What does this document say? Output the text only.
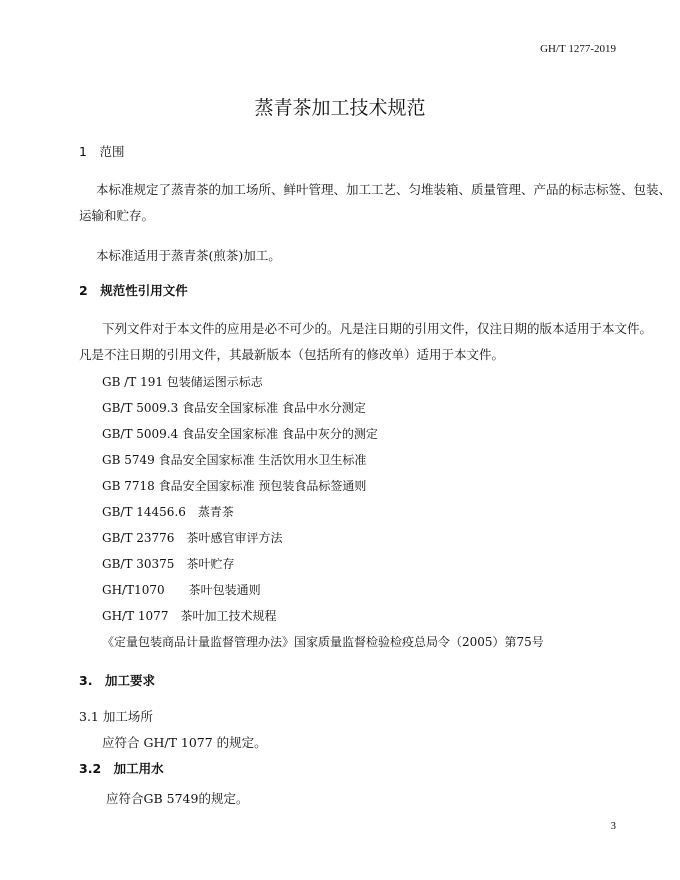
GH/T 1277-2019
蒸青茶加工技术规范
1　范围
本标准规定了蒸青茶的加工场所、鲜叶管理、加工工艺、匀堆装箱、质量管理、产品的标志标签、包装、
运输和贮存。
本标准适用于蒸青茶(煎茶)加工。
2　规范性引用文件
下列文件对于本文件的应用是必不可少的。凡是注日期的引用文件，仅注日期的版本适用于本文件。
凡是不注日期的引用文件，其最新版本（包括所有的修改单）适用于本文件。
GB /T 191 包装储运图示标志
GB/T 5009.3 食品安全国家标准 食品中水分测定
GB/T 5009.4 食品安全国家标准 食品中灰分的测定
GB 5749 食品安全国家标准 生活饮用水卫生标准
GB 7718 食品安全国家标准 预包装食品标签通则
GB/T 14456.6　蒸青茶
GB/T 23776　茶叶感官审评方法
GB/T 30375　茶叶贮存
GH/T1070　　茶叶包装通则
GH/T 1077　茶叶加工技术规程
《定量包装商品计量监督管理办法》国家质量监督检验检疫总局令（2005）第75号
3.　加工要求
3.1 加工场所
应符合 GH/T 1077 的规定。
3.2　加工用水
应符合GB 5749的规定。
3
